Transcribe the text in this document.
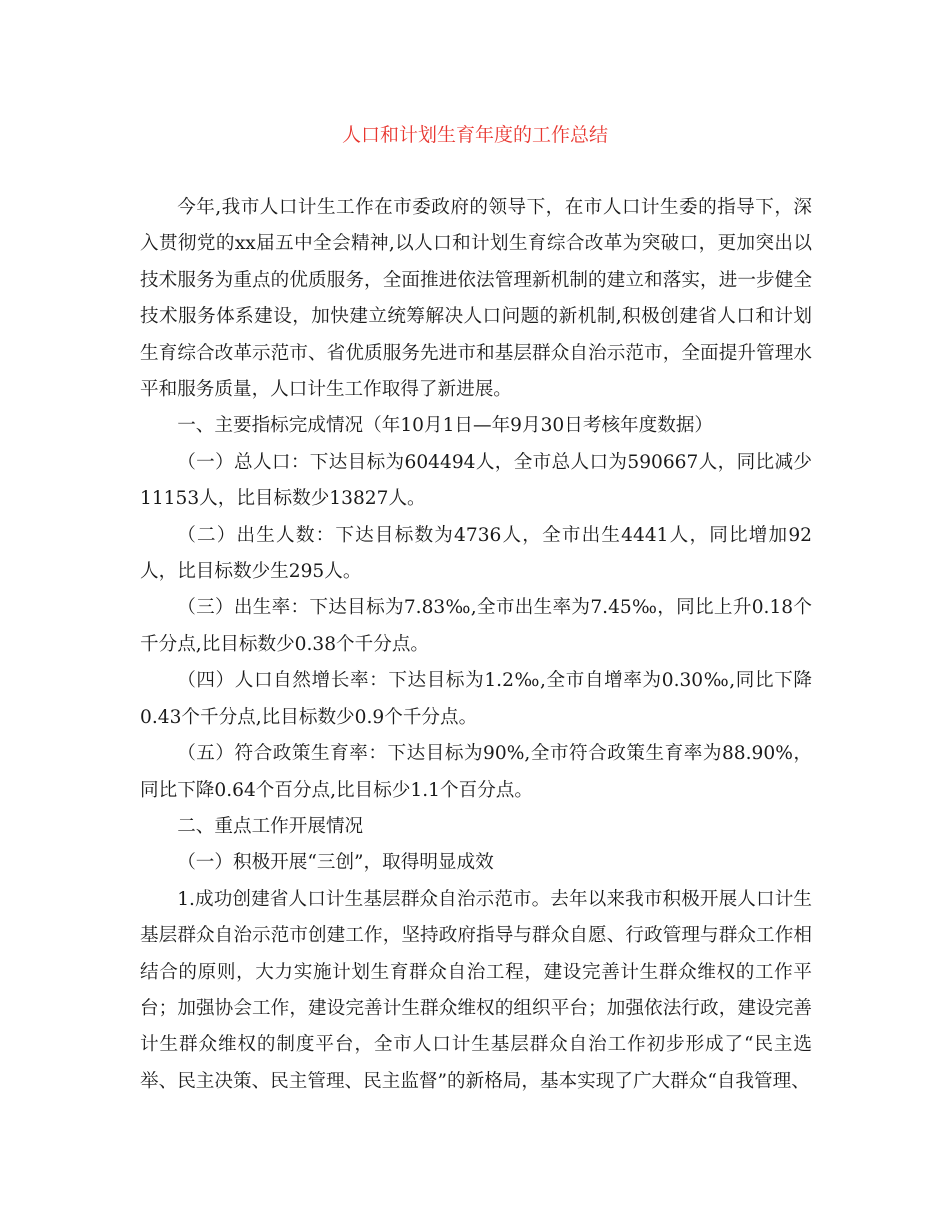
人口和计划生育年度的工作总结

今年,我市人口计生工作在市委政府的领导下，在市人口计生委的指导下，深入贯彻党的xx届五中全会精神,以人口和计划生育综合改革为突破口，更加突出以技术服务为重点的优质服务，全面推进依法管理新机制的建立和落实，进一步健全技术服务体系建设，加快建立统筹解决人口问题的新机制,积极创建省人口和计划生育综合改革示范市、省优质服务先进市和基层群众自治示范市，全面提升管理水平和服务质量，人口计生工作取得了新进展。

一、主要指标完成情况（年10月1日—年9月30日考核年度数据）

（一）总人口：下达目标为604494人，全市总人口为590667人，同比减少11153人，比目标数少13827人。

（二）出生人数：下达目标数为4736人，全市出生4441人，同比增加92人，比目标数少生295人。

（三）出生率：下达目标为7.83‰,全市出生率为7.45‰，同比上升0.18个千分点,比目标数少0.38个千分点。

（四）人口自然增长率：下达目标为1.2‰,全市自增率为0.30‰,同比下降0.43个千分点,比目标数少0.9个千分点。

（五）符合政策生育率：下达目标为90%,全市符合政策生育率为88.90%，同比下降0.64个百分点,比目标少1.1个百分点。

二、重点工作开展情况

（一）积极开展“三创”，取得明显成效

1.成功创建省人口计生基层群众自治示范市。去年以来我市积极开展人口计生基层群众自治示范市创建工作，坚持政府指导与群众自愿、行政管理与群众工作相结合的原则，大力实施计划生育群众自治工程，建设完善计生群众维权的工作平台；加强协会工作，建设完善计生群众维权的组织平台；加强依法行政，建设完善计生群众维权的制度平台，全市人口计生基层群众自治工作初步形成了“民主选举、民主决策、民主管理、民主监督”的新格局，基本实现了广大群众“自我管理、
